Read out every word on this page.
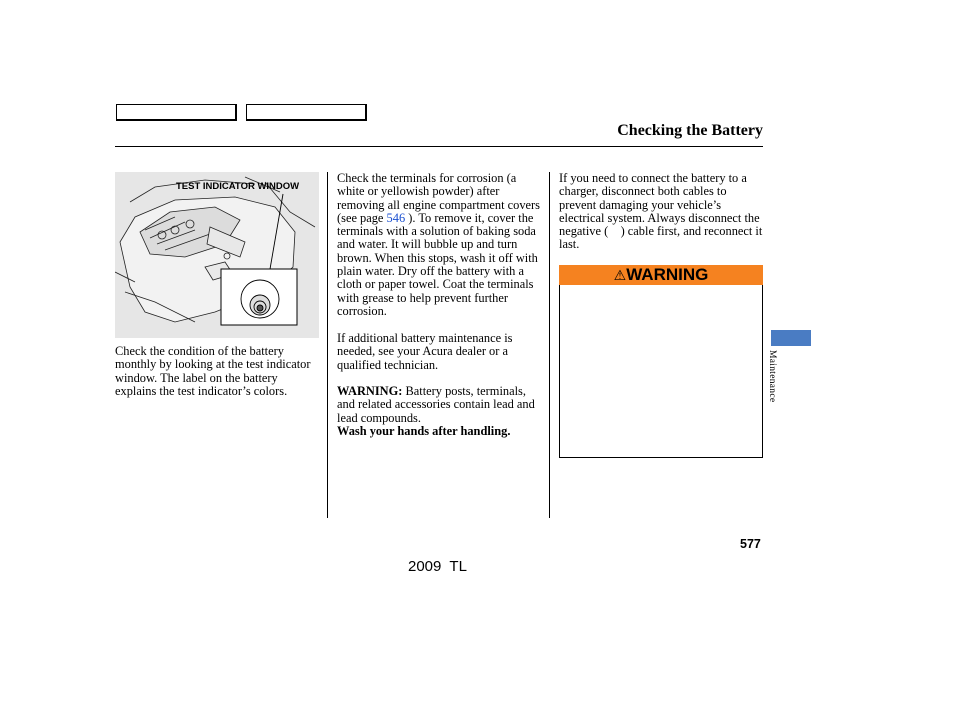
Checking the Battery
TEST INDICATOR WINDOW
Check the condition of the battery monthly by looking at the test indicator window. The label on the battery explains the test indicator’s colors.
Check the terminals for corrosion (a white or yellowish powder) after removing all engine compartment covers (see page 546 ). To remove it, cover the terminals with a solution of baking soda and water. It will bubble up and turn brown. When this stops, wash it off with plain water. Dry off the battery with a cloth or paper towel. Coat the terminals with grease to help prevent further corrosion.
If additional battery maintenance is needed, see your Acura dealer or a qualified technician.
WARNING: Battery posts, terminals, and related accessories contain lead and lead compounds.
Wash your hands after handling.
If you need to connect the battery to a charger, disconnect both cables to prevent damaging your vehicle’s electrical system. Always disconnect the negative (  ) cable first, and reconnect it last.
⚠WARNING
Maintenance
577
2009  TL
